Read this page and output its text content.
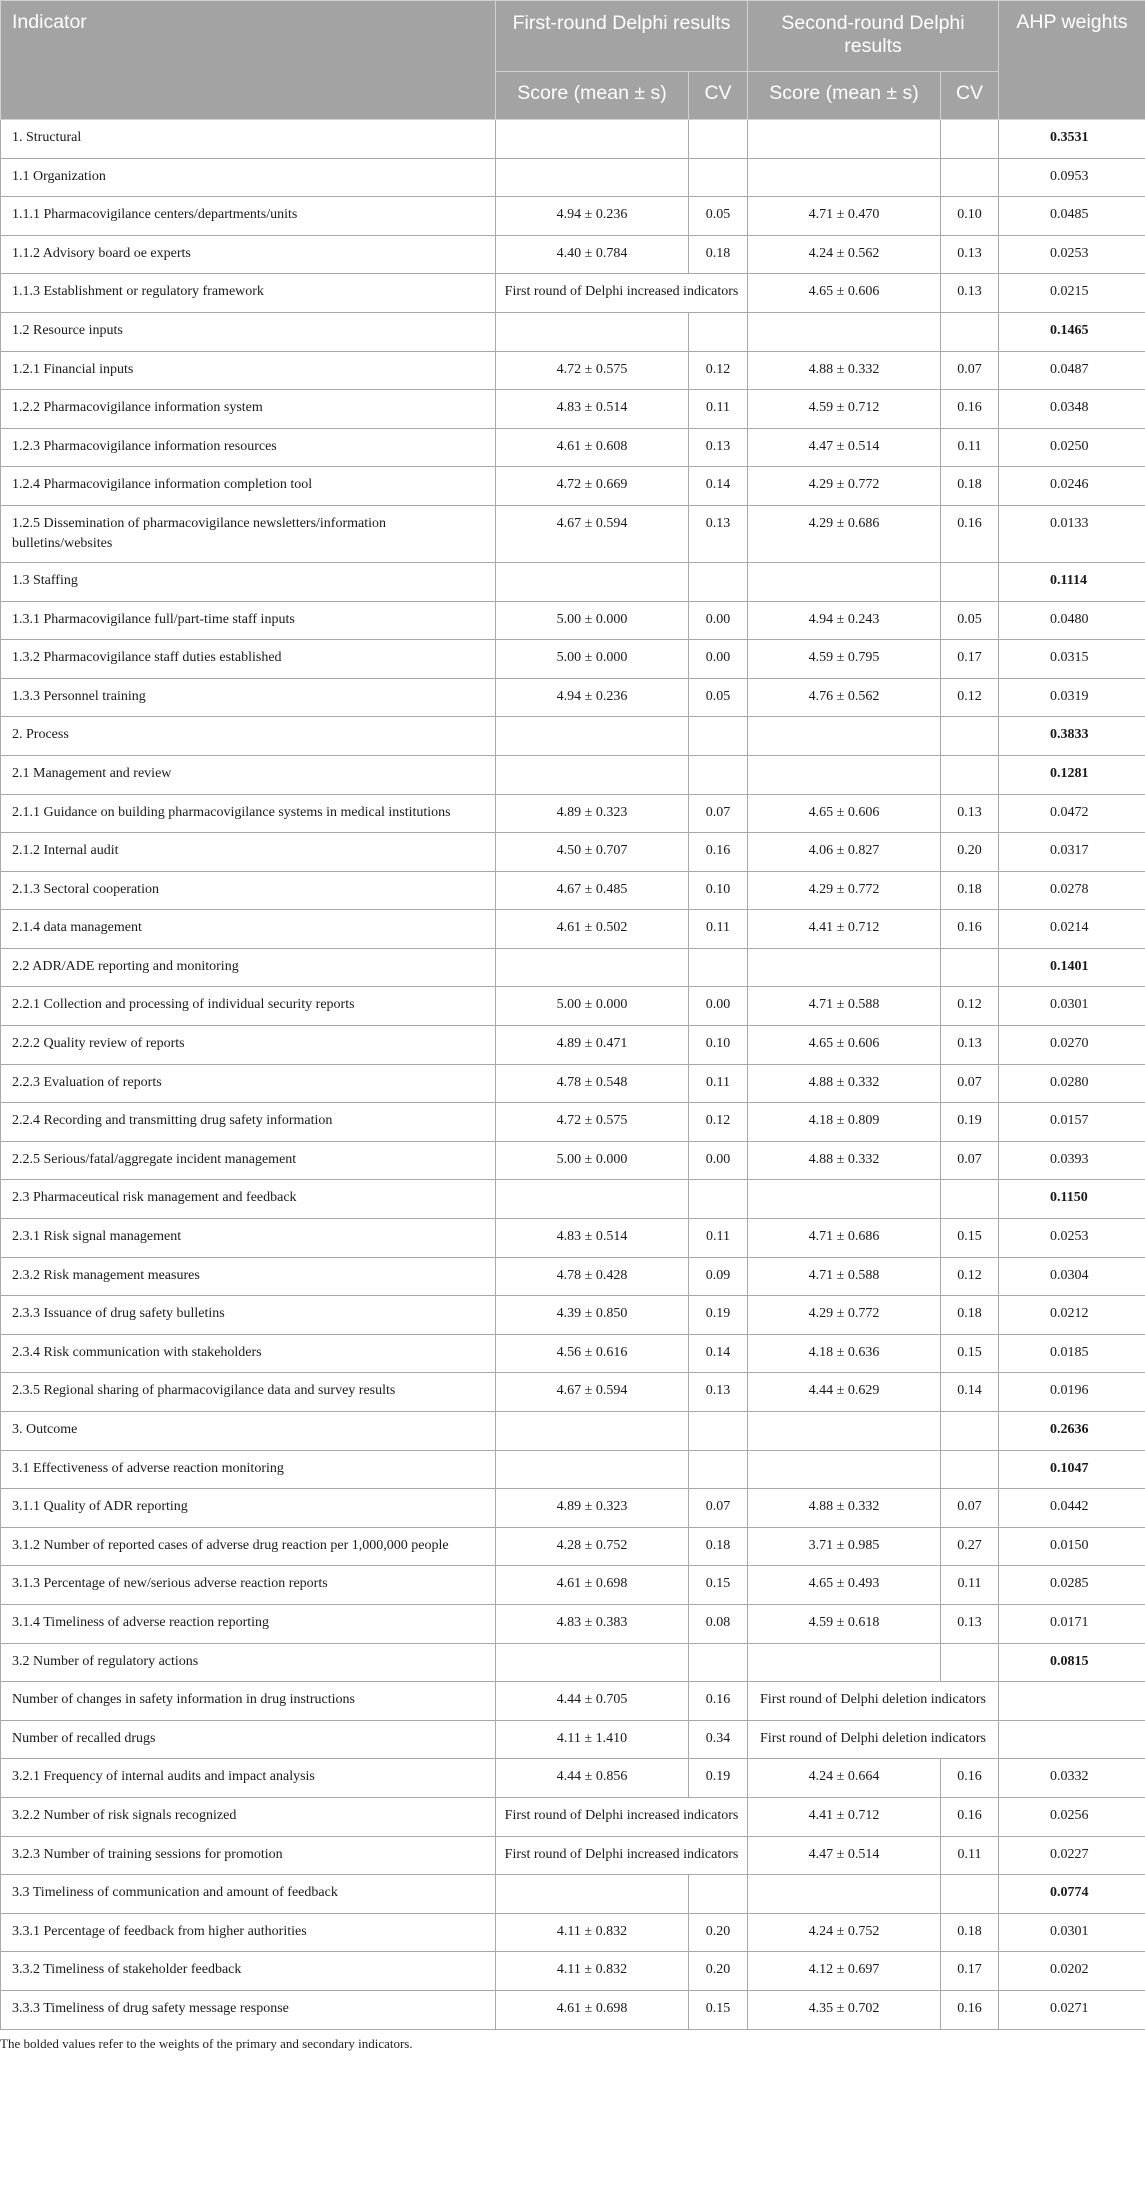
Indicator	First-round Delphi results		Second-round Delphi results		AHP weights
	Score (mean ± s)	CV	Score (mean ± s)	CV	
1. Structural					0.3531
1.1 Organization					0.0953
1.1.1 Pharmacovigilance centers/departments/units	4.94 ± 0.236	0.05	4.71 ± 0.470	0.10	0.0485
1.1.2 Advisory board oe experts	4.40 ± 0.784	0.18	4.24 ± 0.562	0.13	0.0253
1.1.3 Establishment or regulatory framework	First round of Delphi increased indicators		4.65 ± 0.606	0.13	0.0215
1.2 Resource inputs					0.1465
1.2.1 Financial inputs	4.72 ± 0.575	0.12	4.88 ± 0.332	0.07	0.0487
1.2.2 Pharmacovigilance information system	4.83 ± 0.514	0.11	4.59 ± 0.712	0.16	0.0348
1.2.3 Pharmacovigilance information resources	4.61 ± 0.608	0.13	4.47 ± 0.514	0.11	0.0250
1.2.4 Pharmacovigilance information completion tool	4.72 ± 0.669	0.14	4.29 ± 0.772	0.18	0.0246
1.2.5 Dissemination of pharmacovigilance newsletters/information bulletins/websites	4.67 ± 0.594	0.13	4.29 ± 0.686	0.16	0.0133
1.3 Staffing					0.1114
1.3.1 Pharmacovigilance full/part-time staff inputs	5.00 ± 0.000	0.00	4.94 ± 0.243	0.05	0.0480
1.3.2 Pharmacovigilance staff duties established	5.00 ± 0.000	0.00	4.59 ± 0.795	0.17	0.0315
1.3.3 Personnel training	4.94 ± 0.236	0.05	4.76 ± 0.562	0.12	0.0319
2. Process					0.3833
2.1 Management and review					0.1281
2.1.1 Guidance on building pharmacovigilance systems in medical institutions	4.89 ± 0.323	0.07	4.65 ± 0.606	0.13	0.0472
2.1.2 Internal audit	4.50 ± 0.707	0.16	4.06 ± 0.827	0.20	0.0317
2.1.3 Sectoral cooperation	4.67 ± 0.485	0.10	4.29 ± 0.772	0.18	0.0278
2.1.4 data management	4.61 ± 0.502	0.11	4.41 ± 0.712	0.16	0.0214
2.2 ADR/ADE reporting and monitoring					0.1401
2.2.1 Collection and processing of individual security reports	5.00 ± 0.000	0.00	4.71 ± 0.588	0.12	0.0301
2.2.2 Quality review of reports	4.89 ± 0.471	0.10	4.65 ± 0.606	0.13	0.0270
2.2.3 Evaluation of reports	4.78 ± 0.548	0.11	4.88 ± 0.332	0.07	0.0280
2.2.4 Recording and transmitting drug safety information	4.72 ± 0.575	0.12	4.18 ± 0.809	0.19	0.0157
2.2.5 Serious/fatal/aggregate incident management	5.00 ± 0.000	0.00	4.88 ± 0.332	0.07	0.0393
2.3 Pharmaceutical risk management and feedback					0.1150
2.3.1 Risk signal management	4.83 ± 0.514	0.11	4.71 ± 0.686	0.15	0.0253
2.3.2 Risk management measures	4.78 ± 0.428	0.09	4.71 ± 0.588	0.12	0.0304
2.3.3 Issuance of drug safety bulletins	4.39 ± 0.850	0.19	4.29 ± 0.772	0.18	0.0212
2.3.4 Risk communication with stakeholders	4.56 ± 0.616	0.14	4.18 ± 0.636	0.15	0.0185
2.3.5 Regional sharing of pharmacovigilance data and survey results	4.67 ± 0.594	0.13	4.44 ± 0.629	0.14	0.0196
3. Outcome					0.2636
3.1 Effectiveness of adverse reaction monitoring					0.1047
3.1.1 Quality of ADR reporting	4.89 ± 0.323	0.07	4.88 ± 0.332	0.07	0.0442
3.1.2 Number of reported cases of adverse drug reaction per 1,000,000 people	4.28 ± 0.752	0.18	3.71 ± 0.985	0.27	0.0150
3.1.3 Percentage of new/serious adverse reaction reports	4.61 ± 0.698	0.15	4.65 ± 0.493	0.11	0.0285
3.1.4 Timeliness of adverse reaction reporting	4.83 ± 0.383	0.08	4.59 ± 0.618	0.13	0.0171
3.2 Number of regulatory actions					0.0815
Number of changes in safety information in drug instructions	4.44 ± 0.705	0.16	First round of Delphi deletion indicators		
Number of recalled drugs	4.11 ± 1.410	0.34	First round of Delphi deletion indicators		
3.2.1 Frequency of internal audits and impact analysis	4.44 ± 0.856	0.19	4.24 ± 0.664	0.16	0.0332
3.2.2 Number of risk signals recognized	First round of Delphi increased indicators		4.41 ± 0.712	0.16	0.0256
3.2.3 Number of training sessions for promotion	First round of Delphi increased indicators		4.47 ± 0.514	0.11	0.0227
3.3 Timeliness of communication and amount of feedback					0.0774
3.3.1 Percentage of feedback from higher authorities	4.11 ± 0.832	0.20	4.24 ± 0.752	0.18	0.0301
3.3.2 Timeliness of stakeholder feedback	4.11 ± 0.832	0.20	4.12 ± 0.697	0.17	0.0202
3.3.3 Timeliness of drug safety message response	4.61 ± 0.698	0.15	4.35 ± 0.702	0.16	0.0271

The bolded values refer to the weights of the primary and secondary indicators.
